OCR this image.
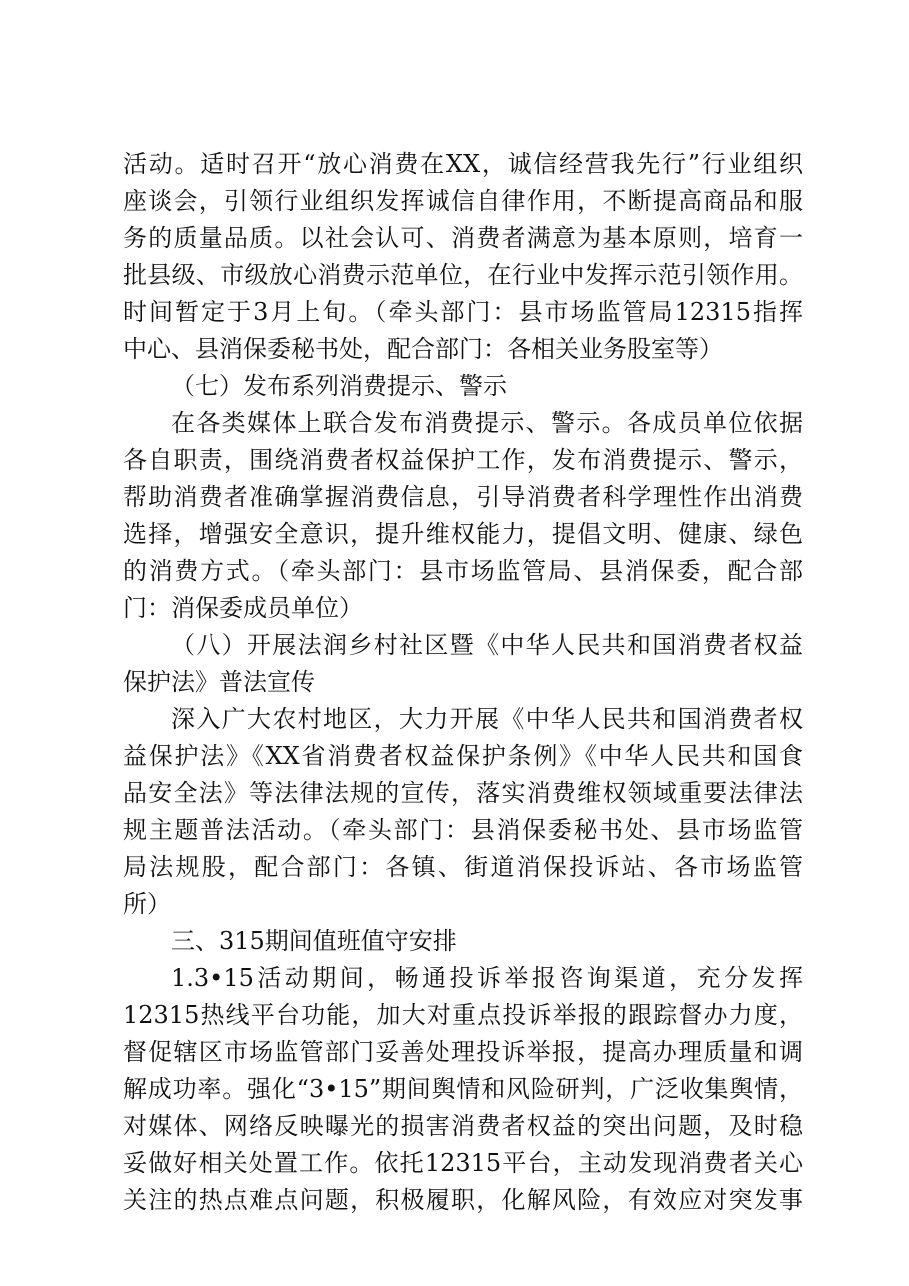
活动。适时召开“放心消费在XX，诚信经营我先行”行业组织
座谈会，引领行业组织发挥诚信自律作用，不断提高商品和服
务的质量品质。以社会认可、消费者满意为基本原则，培育一
批县级、市级放心消费示范单位，在行业中发挥示范引领作用。
时间暂定于3月上旬。（牵头部门：县市场监管局12315指挥
中心、县消保委秘书处，配合部门：各相关业务股室等）
（七）发布系列消费提示、警示
在各类媒体上联合发布消费提示、警示。各成员单位依据
各自职责，围绕消费者权益保护工作，发布消费提示、警示，
帮助消费者准确掌握消费信息，引导消费者科学理性作出消费
选择，增强安全意识，提升维权能力，提倡文明、健康、绿色
的消费方式。（牵头部门：县市场监管局、县消保委，配合部
门：消保委成员单位）
（八）开展法润乡村社区暨《中华人民共和国消费者权益
保护法》普法宣传
深入广大农村地区，大力开展《中华人民共和国消费者权
益保护法》《XX省消费者权益保护条例》《中华人民共和国食
品安全法》等法律法规的宣传，落实消费维权领域重要法律法
规主题普法活动。（牵头部门：县消保委秘书处、县市场监管
局法规股，配合部门：各镇、街道消保投诉站、各市场监管
所）
三、315期间值班值守安排
1.3•15活动期间，畅通投诉举报咨询渠道，充分发挥
12315热线平台功能，加大对重点投诉举报的跟踪督办力度，
督促辖区市场监管部门妥善处理投诉举报，提高办理质量和调
解成功率。强化“3•15”期间舆情和风险研判，广泛收集舆情，
对媒体、网络反映曝光的损害消费者权益的突出问题，及时稳
妥做好相关处置工作。依托12315平台，主动发现消费者关心
关注的热点难点问题，积极履职，化解风险，有效应对突发事
